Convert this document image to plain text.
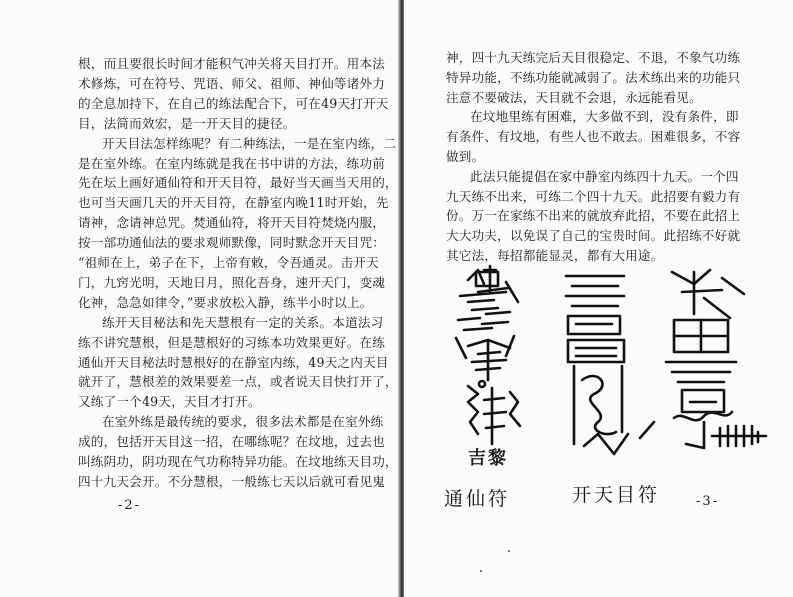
根，而且要很长时间才能积气冲关将天目打开。用本法
术修炼，可在符号、咒语、师父、祖师、神仙等诸外力
的全息加持下，在自己的练法配合下，可在49天打开天
目，法简而效宏，是一开天目的捷径。
开天目法怎样练呢？有二种练法，一是在室内练，二
是在室外练。在室内练就是我在书中讲的方法，练功前
先在坛上画好通仙符和开天目符，最好当天画当天用的，
也可当天画几天的开天目符，在静室内晚11时开始，先
请神，念请神总咒。焚通仙符，将开天目符焚烧内服，
按一部功通仙法的要求观师默像，同时默念开天目咒：
“祖师在上，弟子在下，上帝有敕，令吾通灵。击开天
门，九窍光明，天地日月，照化吾身，速开天门，变魂
化神，急急如律令，”要求放松入静，练半小时以上。
练开天目秘法和先天慧根有一定的关系。本道法习
练不讲究慧根，但是慧根好的习练本功效果更好。在练
通仙开天目秘法时慧根好的在静室内练，49天之内天目
就开了，慧根差的效果要差一点，或者说天目快打开了，
又练了一个49天，天目才打开。
在室外练是最传统的要求，很多法术都是在室外练
成的，包括开天目这一招，在哪练呢？在坟地，过去也
叫练阴功，阴功现在气功称特异功能。在坟地练天目功，
四十九天会开。不分慧根，一般练七天以后就可看见鬼
-2-
神，四十九天练完后天目很稳定、不退，不象气功练
特异功能，不练功能就减弱了。法术练出来的功能只
注意不要破法，天目就不会退，永远能看见。
在坟地里练有困难，大多做不到，没有条件，即
有条件、有坟地，有些人也不敢去。困难很多，不容
做到。
此法只能提倡在家中静室内练四十九天。一个四
九天练不出来，可练二个四十九天。此招要有毅力有
份。万一在家练不出来的就放弃此招，不要在此招上
大大功夫，以免误了自己的宝贵时间。此招练不好就
其它法，每招都能显灵，都有大用途。
吉黎
通仙符	开天目符	-3-
